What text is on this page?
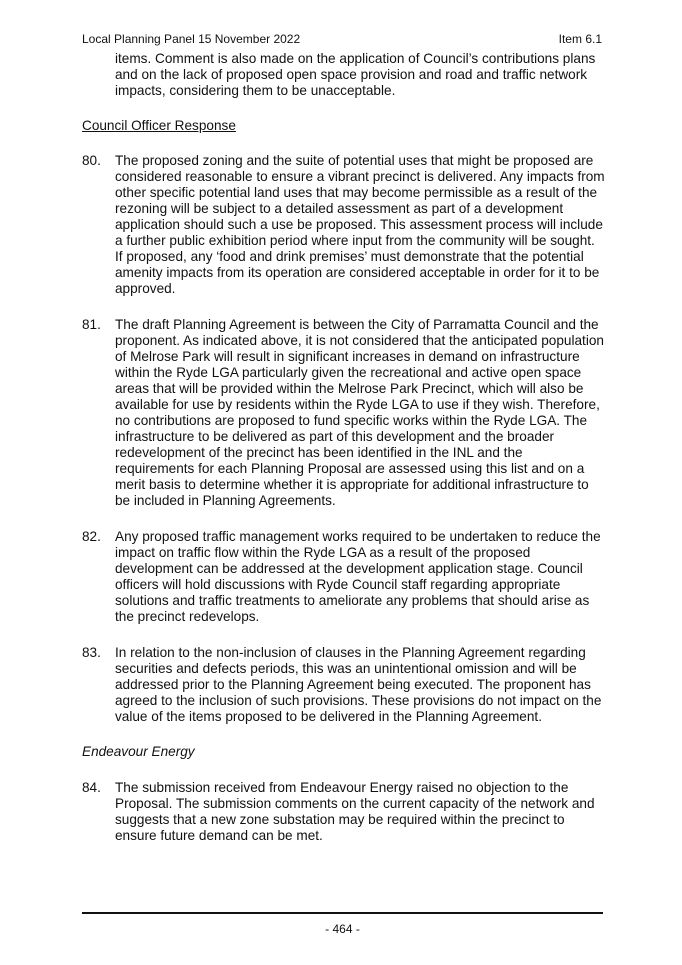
Local Planning Panel 15 November 2022	Item 6.1

items. Comment is also made on the application of Council’s contributions plans and on the lack of proposed open space provision and road and traffic network impacts, considering them to be unacceptable.

Council Officer Response

80. The proposed zoning and the suite of potential uses that might be proposed are considered reasonable to ensure a vibrant precinct is delivered. Any impacts from other specific potential land uses that may become permissible as a result of the rezoning will be subject to a detailed assessment as part of a development application should such a use be proposed. This assessment process will include a further public exhibition period where input from the community will be sought. If proposed, any ‘food and drink premises’ must demonstrate that the potential amenity impacts from its operation are considered acceptable in order for it to be approved.
81. The draft Planning Agreement is between the City of Parramatta Council and the proponent. As indicated above, it is not considered that the anticipated population of Melrose Park will result in significant increases in demand on infrastructure within the Ryde LGA particularly given the recreational and active open space areas that will be provided within the Melrose Park Precinct, which will also be available for use by residents within the Ryde LGA to use if they wish. Therefore, no contributions are proposed to fund specific works within the Ryde LGA. The infrastructure to be delivered as part of this development and the broader redevelopment of the precinct has been identified in the INL and the requirements for each Planning Proposal are assessed using this list and on a merit basis to determine whether it is appropriate for additional infrastructure to be included in Planning Agreements.
82. Any proposed traffic management works required to be undertaken to reduce the impact on traffic flow within the Ryde LGA as a result of the proposed development can be addressed at the development application stage. Council officers will hold discussions with Ryde Council staff regarding appropriate solutions and traffic treatments to ameliorate any problems that should arise as the precinct redevelops.
83. In relation to the non-inclusion of clauses in the Planning Agreement regarding securities and defects periods, this was an unintentional omission and will be addressed prior to the Planning Agreement being executed. The proponent has agreed to the inclusion of such provisions. These provisions do not impact on the value of the items proposed to be delivered in the Planning Agreement.

Endeavour Energy

84. The submission received from Endeavour Energy raised no objection to the Proposal. The submission comments on the current capacity of the network and suggests that a new zone substation may be required within the precinct to ensure future demand can be met.
- 464 -
